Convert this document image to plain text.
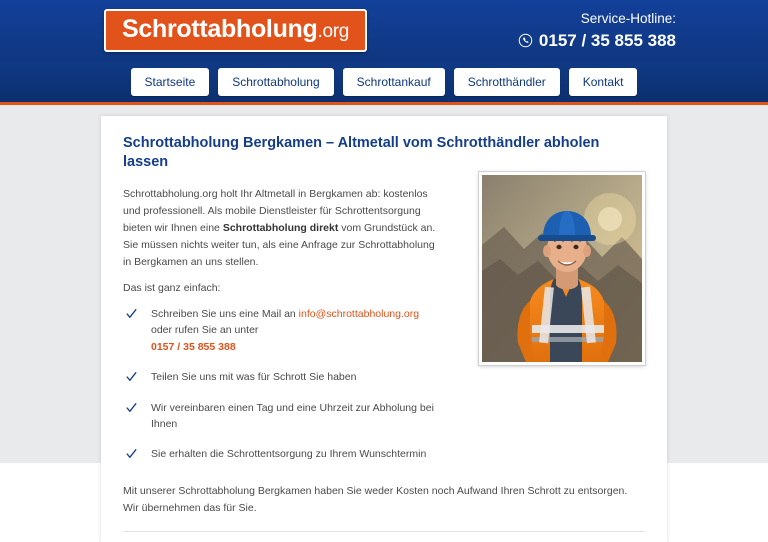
Schrottabholung.org
Service-Hotline:
0157 / 35 855 388
Startseite	Schrottabholung	Schrottankauf	Schrotthändler	Kontakt
Schrottabholung Bergkamen – Altmetall vom Schrotthändler abholen lassen

Schrottabholung.org holt Ihr Altmetall in Bergkamen ab: kostenlos und professionell. Als mobile Dienstleister für Schrottentsorgung bieten wir Ihnen eine Schrottabholung direkt vom Grundstück an. Sie müssen nichts weiter tun, als eine Anfrage zur Schrottabholung in Bergkamen an uns stellen.

Das ist ganz einfach:

Schreiben Sie uns eine Mail an info@schrottabholung.org oder rufen Sie an unter
0157 / 35 855 388
Teilen Sie uns mit was für Schrott Sie haben
Wir vereinbaren einen Tag und eine Uhrzeit zur Abholung bei Ihnen
Sie erhalten die Schrottentsorgung zu Ihrem Wunschtermin

Mit unserer Schrottabholung Bergkamen haben Sie weder Kosten noch Aufwand Ihren Schrott zu entsorgen. Wir übernehmen das für Sie.
